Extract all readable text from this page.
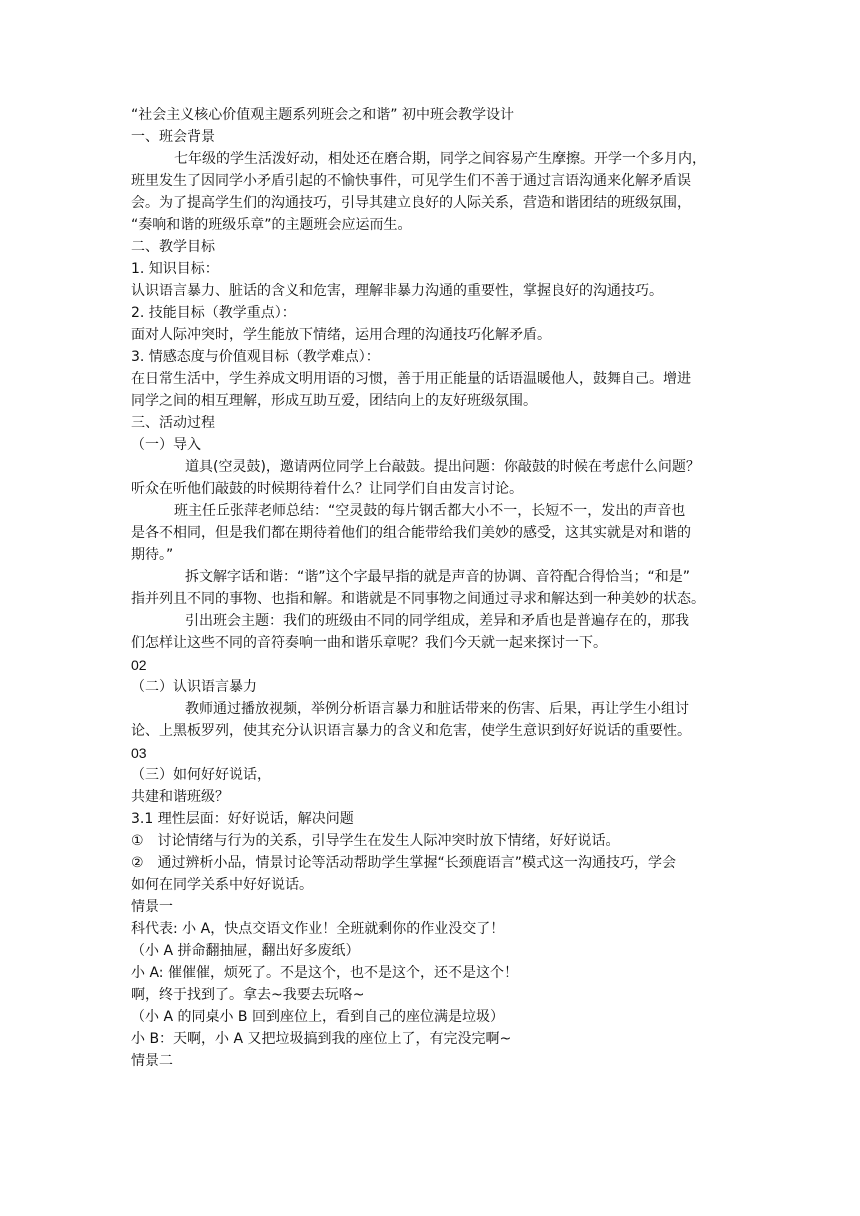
“社会主义核心价值观主题系列班会之和谐” 初中班会教学设计
一、班会背景
七年级的学生活泼好动，相处还在磨合期，同学之间容易产生摩擦。开学一个多月内，
班里发生了因同学小矛盾引起的不愉快事件，可见学生们不善于通过言语沟通来化解矛盾误
会。为了提高学生们的沟通技巧，引导其建立良好的人际关系，营造和谐团结的班级氛围，
“奏响和谐的班级乐章”的主题班会应运而生。
二、教学目标
1. 知识目标：
认识语言暴力、脏话的含义和危害，理解非暴力沟通的重要性，掌握良好的沟通技巧。
2. 技能目标（教学重点）：
面对人际冲突时，学生能放下情绪，运用合理的沟通技巧化解矛盾。
3. 情感态度与价值观目标（教学难点）：
在日常生活中，学生养成文明用语的习惯，善于用正能量的话语温暖他人，鼓舞自己。增进
同学之间的相互理解，形成互助互爱，团结向上的友好班级氛围。
三、活动过程
（一）导入
道具(空灵鼓)，邀请两位同学上台敲鼓。提出问题：你敲鼓的时候在考虑什么问题？
听众在听他们敲鼓的时候期待着什么？让同学们自由发言讨论。
班主任丘张萍老师总结：“空灵鼓的每片钢舌都大小不一，长短不一，发出的声音也
是各不相同，但是我们都在期待着他们的组合能带给我们美妙的感受，这其实就是对和谐的
期待。”
拆文解字话和谐：“谐”这个字最早指的就是声音的协调、音符配合得恰当；“和是”
指并列且不同的事物、也指和解。和谐就是不同事物之间通过寻求和解达到一种美妙的状态。
引出班会主题：我们的班级由不同的同学组成，差异和矛盾也是普遍存在的，那我
们怎样让这些不同的音符奏响一曲和谐乐章呢？我们今天就一起来探讨一下。
02
（二）认识语言暴力
教师通过播放视频，举例分析语言暴力和脏话带来的伤害、后果，再让学生小组讨
论、上黑板罗列，使其充分认识语言暴力的含义和危害，使学生意识到好好说话的重要性。
03
（三）如何好好说话，
共建和谐班级？
3.1 理性层面：好好说话，解决问题
①　讨论情绪与行为的关系，引导学生在发生人际冲突时放下情绪，好好说话。
②　通过辨析小品，情景讨论等活动帮助学生掌握“长颈鹿语言”模式这一沟通技巧，学会
如何在同学关系中好好说话。
情景一
科代表: 小 A，快点交语文作业！全班就剩你的作业没交了！
（小 A 拼命翻抽屉，翻出好多废纸）
小 A: 催催催，烦死了。不是这个，也不是这个，还不是这个！
啊，终于找到了。拿去~我要去玩咯~
（小 A 的同桌小 B 回到座位上，看到自己的座位满是垃圾）
小 B：天啊，小 A 又把垃圾搞到我的座位上了，有完没完啊~
情景二
